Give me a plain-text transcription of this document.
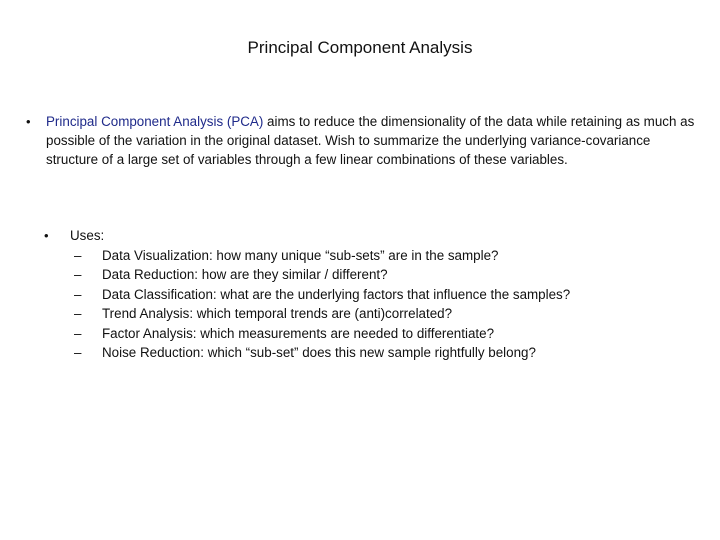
Principal Component Analysis
•	Principal Component Analysis (PCA) aims to reduce the dimensionality of the data while retaining as much as possible of the variation in the original dataset. Wish to summarize the underlying variance-covariance structure of a large set of variables through a few linear combinations of these variables.
•	Uses:
–	Data Visualization: how many unique “sub-sets” are in the sample?
–	Data Reduction: how are they similar / different?
–	Data Classification: what are the underlying factors that influence the samples?
–	Trend Analysis: which temporal trends are (anti)correlated?
–	Factor Analysis: which measurements are needed to differentiate?
–	Noise Reduction: which “sub-set” does this new sample rightfully belong?
